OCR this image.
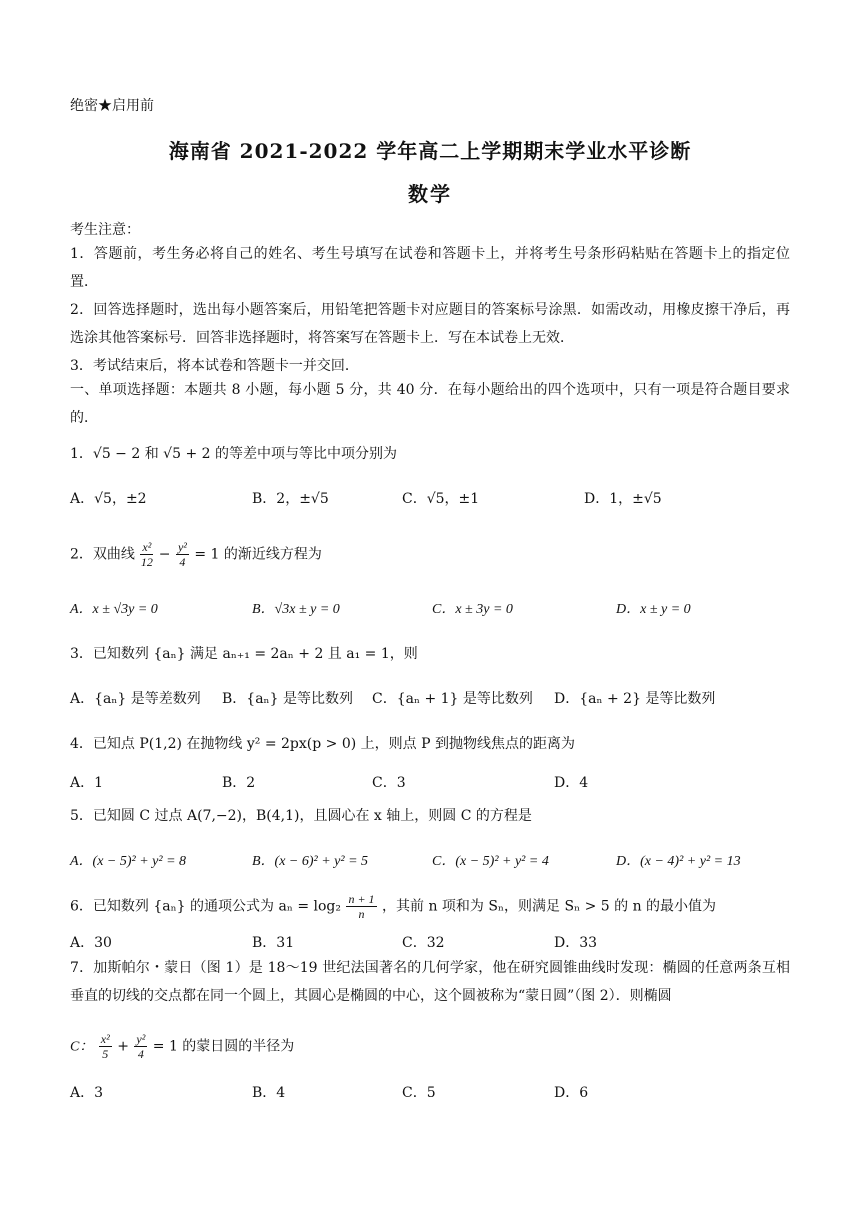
绝密★启用前
海南省 2021-2022 学年高二上学期期末学业水平诊断
数学
考生注意：
1．答题前，考生务必将自己的姓名、考生号填写在试卷和答题卡上，并将考生号条形码粘贴在答题卡上的指定位置．
2．回答选择题时，选出每小题答案后，用铅笔把答题卡对应题目的答案标号涂黑．如需改动，用橡皮擦干净后，再选涂其他答案标号．回答非选择题时，将答案写在答题卡上．写在本试卷上无效．
3．考试结束后，将本试卷和答题卡一并交回．
一、单项选择题：本题共 8 小题，每小题 5 分，共 40 分．在每小题给出的四个选项中，只有一项是符合题目要求的．
1．√5 − 2 和 √5 + 2 的等差中项与等比中项分别为
A．√5，±2	B．2，±√5	C．√5，±1	D．1，±√5
2．双曲线 $\frac{\text{x²}}{12} - \frac{\text{y²}}{4} = 1$ 的渐近线方程为
A．x ± √3y = 0	B．√3x ± y = 0	C．x ± 3y = 0	D．x ± y = 0
3．已知数列 {aₙ} 满足 aₙ₊₁ = 2aₙ + 2 且 a₁ = 1，则
A．{aₙ} 是等差数列 B．{aₙ} 是等比数列 C．{aₙ + 1} 是等比数列 D．{aₙ + 2} 是等比数列
4．已知点 P(1,2) 在抛物线 y² = 2px(p > 0) 上，则点 P 到抛物线焦点的距离为
A．1	B．2	C．3	D．4
5．已知圆 C 过点 A(7,−2)，B(4,1)，且圆心在 x 轴上，则圆 C 的方程是
A．(x − 5)² + y² = 8	B．(x − 6)² + y² = 5	C．(x − 5)² + y² = 4	D．(x − 4)² + y² = 13
6．已知数列 {aₙ} 的通项公式为 $a_n = \log_2 \frac{n + 1}{n}$ ，其前 n 项和为 Sₙ，则满足 Sₙ > 5 的 n 的最小值为
A．30	B．31	C．32	D．33
7．加斯帕尔・蒙日（图 1）是 18～19 世纪法国著名的几何学家，他在研究圆锥曲线时发现：椭圆的任意两条互相垂直的切线的交点都在同一个圆上，其圆心是椭圆的中心，这个圆被称为“蒙日圆”（图 2）．则椭圆
C： $\frac{\text{x²}}{5} + \frac{\text{y²}}{4} = 1$ 的蒙日圆的半径为
A．3	B．4	C．5	D．6
